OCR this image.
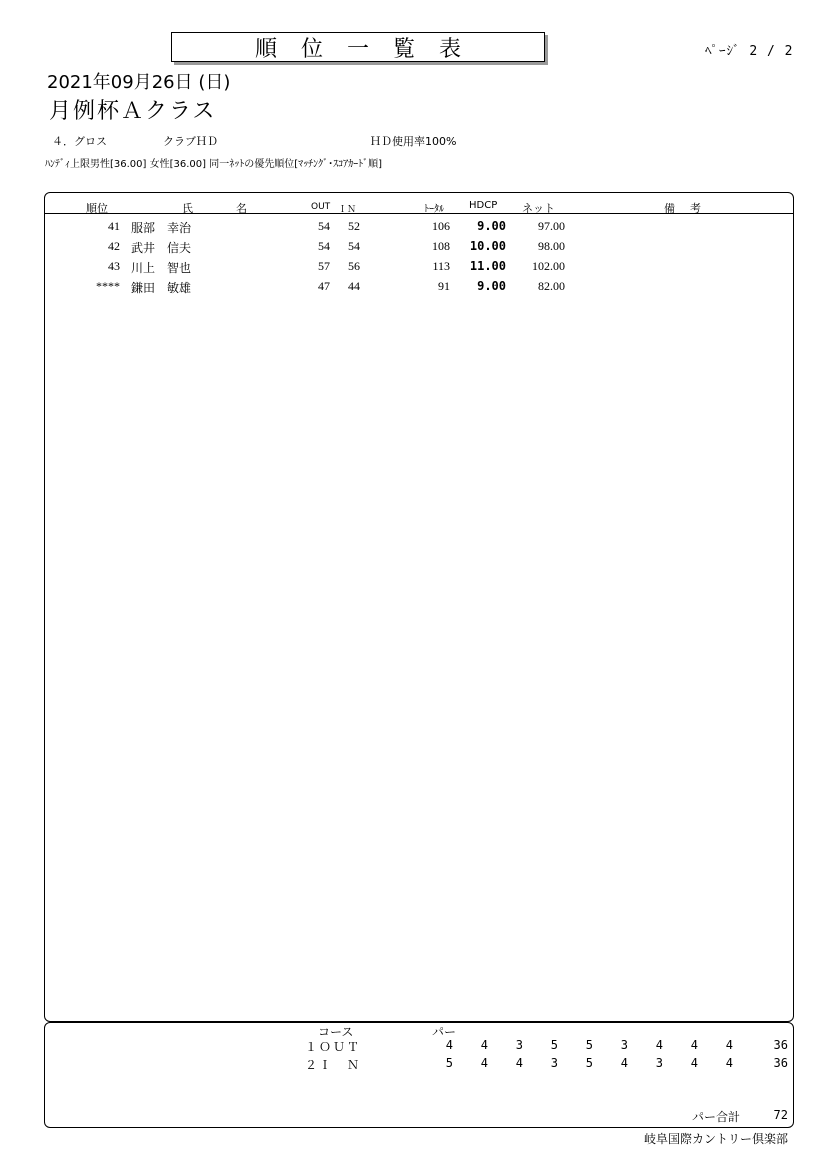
順位一覧表	ﾍﾟｰｼﾞ 2 / 2
2021年09月26日 (日)
月例杯Ａクラス
４．グロス	クラブＨＤ	ＨＤ使用率100%
ﾊﾝﾃﾞｨ上限男性[36.00] 女性[36.00] 同一ﾈｯﾄの優先順位[ﾏｯﾁﾝｸﾞ･ｽｺｱｶｰﾄﾞ順]
順位	氏	名	OUT ＩＮ	ﾄｰﾀﾙ	HDCP ネット	備 考
41 服部　幸治	54	52	106	9.00	97.00
42 武井　信夫	54	54	108	10.00	98.00
43 川上　智也	57	56	113	11.00	102.00
**** 鎌田　敏雄	47	44	91	9.00	82.00
コース	パー
１ＯＵＴ	4	4	3	5	5	3	4	4	4	36
２Ｉ　Ｎ	5	4	4	3	5	4	3	4	4	36
パー合計	72
岐阜国際カントリー倶楽部
